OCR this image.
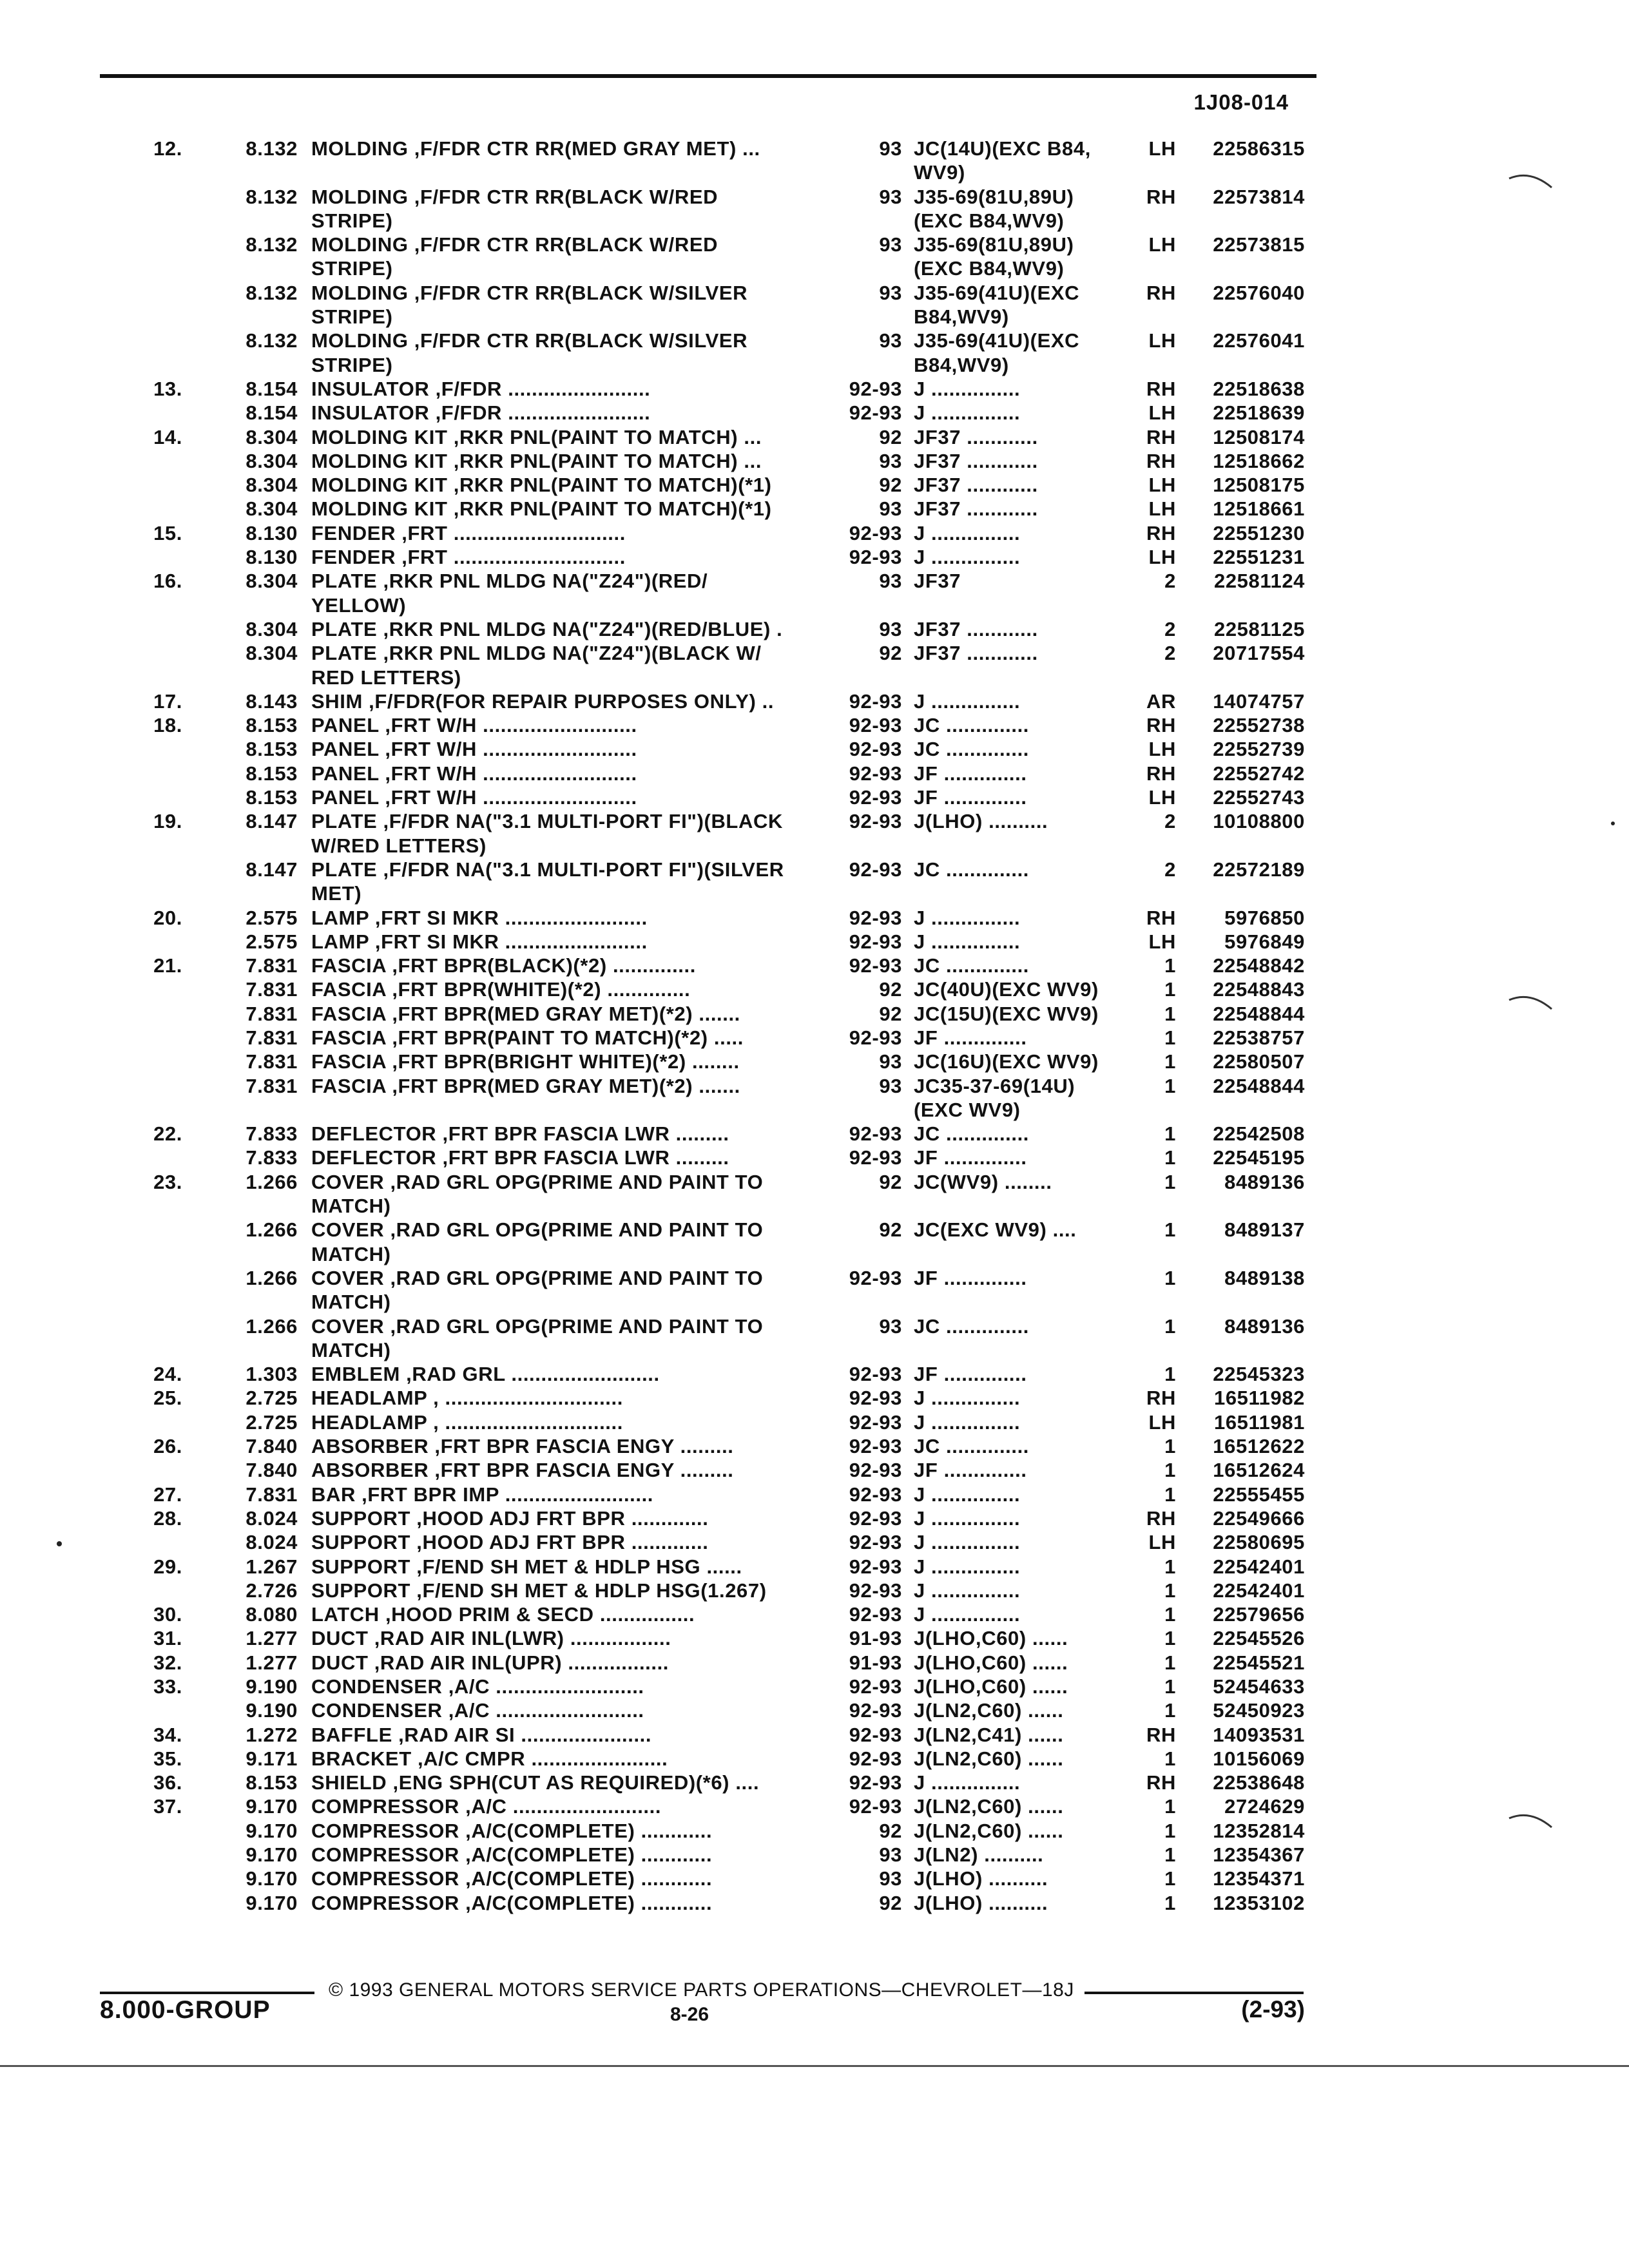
1J08-014
12.	8.132 MOLDING ,F/FDR CTR RR(MED GRAY MET) ...	93 JC(14U)(EXC B84,	LH	22586315
WV9)
8.132 MOLDING ,F/FDR CTR RR(BLACK W/RED	93 J35-69(81U,89U)	RH	22573814
STRIPE)	(EXC B84,WV9)
8.132 MOLDING ,F/FDR CTR RR(BLACK W/RED	93 J35-69(81U,89U)	LH	22573815
STRIPE)	(EXC B84,WV9)
8.132 MOLDING ,F/FDR CTR RR(BLACK W/SILVER	93 J35-69(41U)(EXC	RH	22576040
STRIPE)	B84,WV9)
8.132 MOLDING ,F/FDR CTR RR(BLACK W/SILVER	93 J35-69(41U)(EXC	LH	22576041
STRIPE)	B84,WV9)
13.	8.154 INSULATOR ,F/FDR ........................	92-93 J ...............	RH	22518638
8.154 INSULATOR ,F/FDR ........................	92-93 J ...............	LH	22518639
14.	8.304 MOLDING KIT ,RKR PNL(PAINT TO MATCH) ...	92 JF37 ............	RH	12508174
8.304 MOLDING KIT ,RKR PNL(PAINT TO MATCH) ...	93 JF37 ............	RH	12518662
8.304 MOLDING KIT ,RKR PNL(PAINT TO MATCH)(*1)	92 JF37 ............	LH	12508175
8.304 MOLDING KIT ,RKR PNL(PAINT TO MATCH)(*1)	93 JF37 ............	LH	12518661
15.	8.130 FENDER ,FRT .............................	92-93 J ...............	RH	22551230
8.130 FENDER ,FRT .............................	92-93 J ...............	LH	22551231
16.	8.304 PLATE ,RKR PNL MLDG NA("Z24")(RED/	93 JF37	2	22581124
YELLOW)
8.304 PLATE ,RKR PNL MLDG NA("Z24")(RED/BLUE) .	93 JF37 ............	2	22581125
8.304 PLATE ,RKR PNL MLDG NA("Z24")(BLACK W/	92 JF37 ............	2	20717554
RED LETTERS)
17.	8.143 SHIM ,F/FDR(FOR REPAIR PURPOSES ONLY) ..	92-93 J ...............	AR	14074757
18.	8.153 PANEL ,FRT W/H ..........................	92-93 JC ..............	RH	22552738
8.153 PANEL ,FRT W/H ..........................	92-93 JC ..............	LH	22552739
8.153 PANEL ,FRT W/H ..........................	92-93 JF ..............	RH	22552742
8.153 PANEL ,FRT W/H ..........................	92-93 JF ..............	LH	22552743
19.	8.147 PLATE ,F/FDR NA("3.1 MULTI-PORT FI")(BLACK	92-93 J(LHO) ..........	2	10108800
W/RED LETTERS)
8.147 PLATE ,F/FDR NA("3.1 MULTI-PORT FI")(SILVER	92-93 JC ..............	2	22572189
MET)
20.	2.575 LAMP ,FRT SI MKR ........................	92-93 J ...............	RH	5976850
2.575 LAMP ,FRT SI MKR ........................	92-93 J ...............	LH	5976849
21.	7.831 FASCIA ,FRT BPR(BLACK)(*2) ..............	92-93 JC ..............	1	22548842
7.831 FASCIA ,FRT BPR(WHITE)(*2) ..............	92 JC(40U)(EXC WV9)	1	22548843
7.831 FASCIA ,FRT BPR(MED GRAY MET)(*2) .......	92 JC(15U)(EXC WV9)	1	22548844
7.831 FASCIA ,FRT BPR(PAINT TO MATCH)(*2) .....	92-93 JF ..............	1	22538757
7.831 FASCIA ,FRT BPR(BRIGHT WHITE)(*2) ........	93 JC(16U)(EXC WV9)	1	22580507
7.831 FASCIA ,FRT BPR(MED GRAY MET)(*2) .......	93 JC35-37-69(14U)	1	22548844
(EXC WV9)
22.	7.833 DEFLECTOR ,FRT BPR FASCIA LWR .........	92-93 JC ..............	1	22542508
7.833 DEFLECTOR ,FRT BPR FASCIA LWR .........	92-93 JF ..............	1	22545195
23.	1.266 COVER ,RAD GRL OPG(PRIME AND PAINT TO	92 JC(WV9) ........	1	8489136
MATCH)
1.266 COVER ,RAD GRL OPG(PRIME AND PAINT TO	92 JC(EXC WV9) ....	1	8489137
MATCH)
1.266 COVER ,RAD GRL OPG(PRIME AND PAINT TO	92-93 JF ..............	1	8489138
MATCH)
1.266 COVER ,RAD GRL OPG(PRIME AND PAINT TO	93 JC ..............	1	8489136
MATCH)
24.	1.303 EMBLEM ,RAD GRL .........................	92-93 JF ..............	1	22545323
25.	2.725 HEADLAMP , ..............................	92-93 J ...............	RH	16511982
2.725 HEADLAMP , ..............................	92-93 J ...............	LH	16511981
26.	7.840 ABSORBER ,FRT BPR FASCIA ENGY .........	92-93 JC ..............	1	16512622
7.840 ABSORBER ,FRT BPR FASCIA ENGY .........	92-93 JF ..............	1	16512624
27.	7.831 BAR ,FRT BPR IMP .........................	92-93 J ...............	1	22555455
28.	8.024 SUPPORT ,HOOD ADJ FRT BPR .............	92-93 J ...............	RH	22549666
8.024 SUPPORT ,HOOD ADJ FRT BPR .............	92-93 J ...............	LH	22580695
29.	1.267 SUPPORT ,F/END SH MET & HDLP HSG ......	92-93 J ...............	1	22542401
2.726 SUPPORT ,F/END SH MET & HDLP HSG(1.267)	92-93 J ...............	1	22542401
30.	8.080 LATCH ,HOOD PRIM & SECD ................	92-93 J ...............	1	22579656
31.	1.277 DUCT ,RAD AIR INL(LWR) .................	91-93 J(LHO,C60) ......	1	22545526
32.	1.277 DUCT ,RAD AIR INL(UPR) .................	91-93 J(LHO,C60) ......	1	22545521
33.	9.190 CONDENSER ,A/C .........................	92-93 J(LHO,C60) ......	1	52454633
9.190 CONDENSER ,A/C .........................	92-93 J(LN2,C60) ......	1	52450923
34.	1.272 BAFFLE ,RAD AIR SI ......................	92-93 J(LN2,C41) ......	RH	14093531
35.	9.171 BRACKET ,A/C CMPR .......................	92-93 J(LN2,C60) ......	1	10156069
36.	8.153 SHIELD ,ENG SPH(CUT AS REQUIRED)(*6) ....	92-93 J ...............	RH	22538648
37.	9.170 COMPRESSOR ,A/C .........................	92-93 J(LN2,C60) ......	1	2724629
9.170 COMPRESSOR ,A/C(COMPLETE) ............	92 J(LN2,C60) ......	1	12352814
9.170 COMPRESSOR ,A/C(COMPLETE) ............	93 J(LN2) ..........	1	12354367
9.170 COMPRESSOR ,A/C(COMPLETE) ............	93 J(LHO) ..........	1	12354371
9.170 COMPRESSOR ,A/C(COMPLETE) ............	92 J(LHO) ..........	1	12353102
© 1993 GENERAL MOTORS SERVICE PARTS OPERATIONS—CHEVROLET—18J
8.000-GROUP	8-26	(2-93)
